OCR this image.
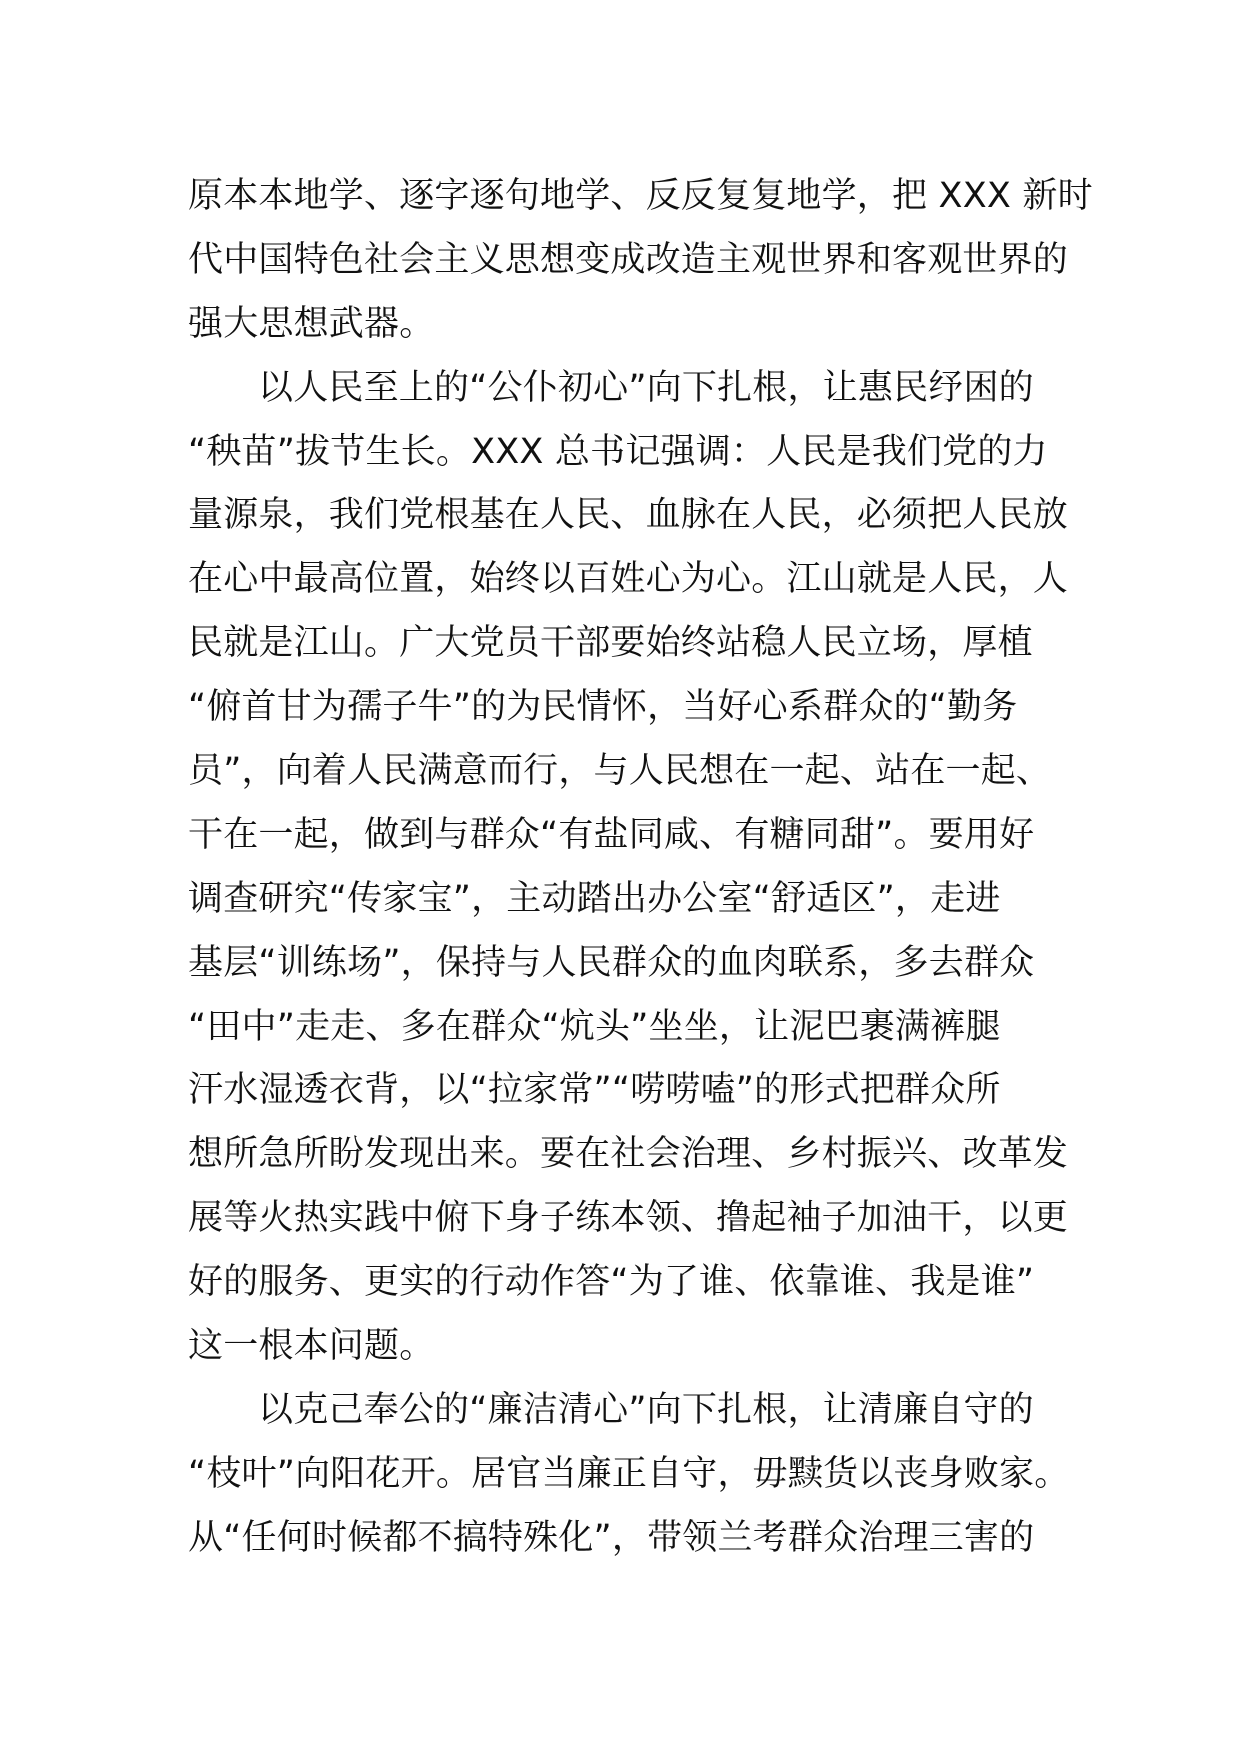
原本本地学、逐字逐句地学、反反复复地学，把 XXX 新时
代中国特色社会主义思想变成改造主观世界和客观世界的
强大思想武器。
以人民至上的“公仆初心”向下扎根，让惠民纾困的
“秧苗”拔节生长。XXX 总书记强调：人民是我们党的力
量源泉，我们党根基在人民、血脉在人民，必须把人民放
在心中最高位置，始终以百姓心为心。江山就是人民，人
民就是江山。广大党员干部要始终站稳人民立场，厚植
“俯首甘为孺子牛”的为民情怀，当好心系群众的“勤务
员”，向着人民满意而行，与人民想在一起、站在一起、
干在一起，做到与群众“有盐同咸、有糖同甜”。要用好
调查研究“传家宝”，主动踏出办公室“舒适区”，走进
基层“训练场”，保持与人民群众的血肉联系，多去群众
“田中”走走、多在群众“炕头”坐坐，让泥巴裹满裤腿
汗水湿透衣背，以“拉家常”“唠唠嗑”的形式把群众所
想所急所盼发现出来。要在社会治理、乡村振兴、改革发
展等火热实践中俯下身子练本领、撸起袖子加油干，以更
好的服务、更实的行动作答“为了谁、依靠谁、我是谁”
这一根本问题。
以克己奉公的“廉洁清心”向下扎根，让清廉自守的
“枝叶”向阳花开。居官当廉正自守，毋黩货以丧身败家。
从“任何时候都不搞特殊化”，带领兰考群众治理三害的
